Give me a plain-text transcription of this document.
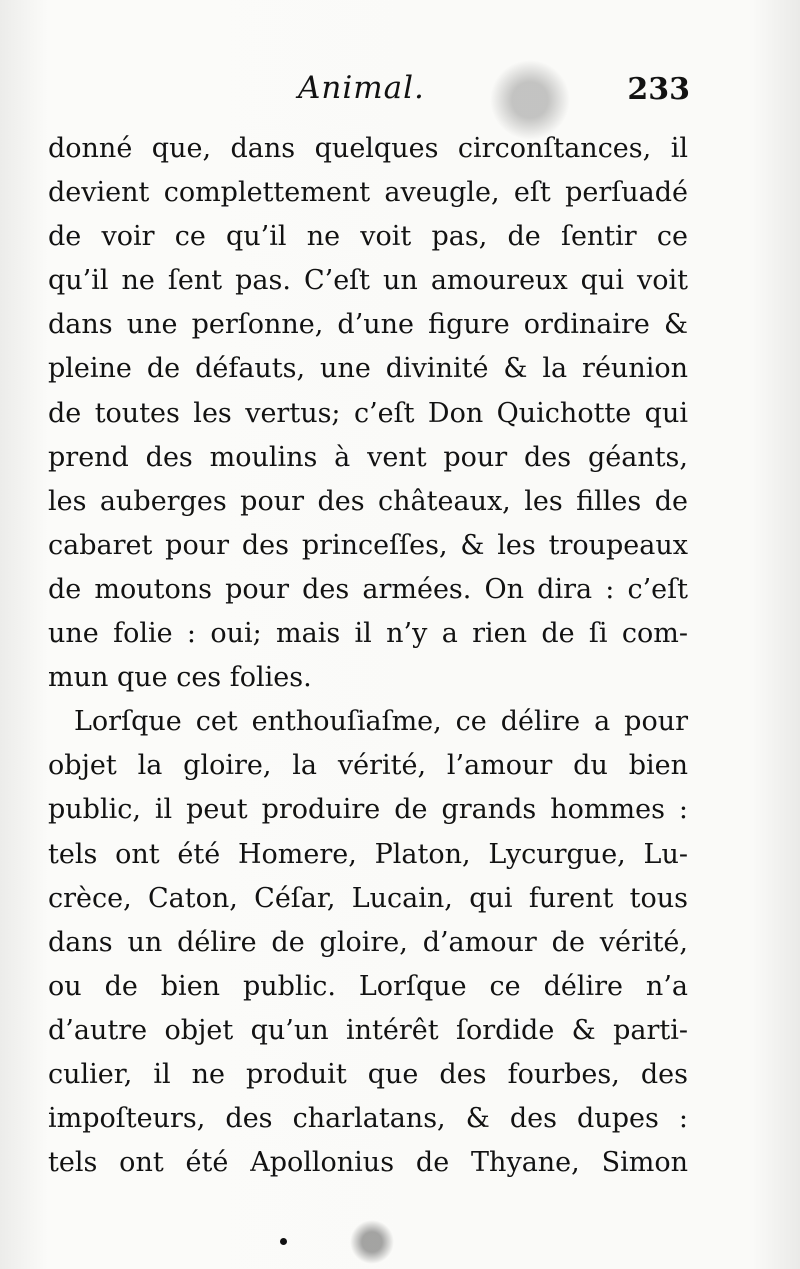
Animal.	233
donné que, dans quelques circonſtances, il
devient complettement aveugle, eſt perſuadé
de voir ce qu’il ne voit pas, de ſentir ce
qu’il ne ſent pas. C’eſt un amoureux qui voit
dans une perſonne, d’une figure ordinaire &
pleine de défauts, une divinité & la réunion
de toutes les vertus; c’eſt Don Quichotte qui
prend des moulins à vent pour des géants,
les auberges pour des châteaux, les filles de
cabaret pour des princeſſes, & les troupeaux
de moutons pour des armées. On dira : c’eſt
une folie : oui; mais il n’y a rien de ſi com-
mun que ces folies.
Lorſque cet enthouſiaſme, ce délire a pour
objet la gloire, la vérité, l’amour du bien
public, il peut produire de grands hommes :
tels ont été Homere, Platon, Lycurgue, Lu-
crèce, Caton, Céſar, Lucain, qui furent tous
dans un délire de gloire, d’amour de vérité,
ou de bien public. Lorſque ce délire n’a
d’autre objet qu’un intérêt ſordide & parti-
culier, il ne produit que des fourbes, des
impoſteurs, des charlatans, & des dupes :
tels ont été Apollonius de Thyane, Simon
